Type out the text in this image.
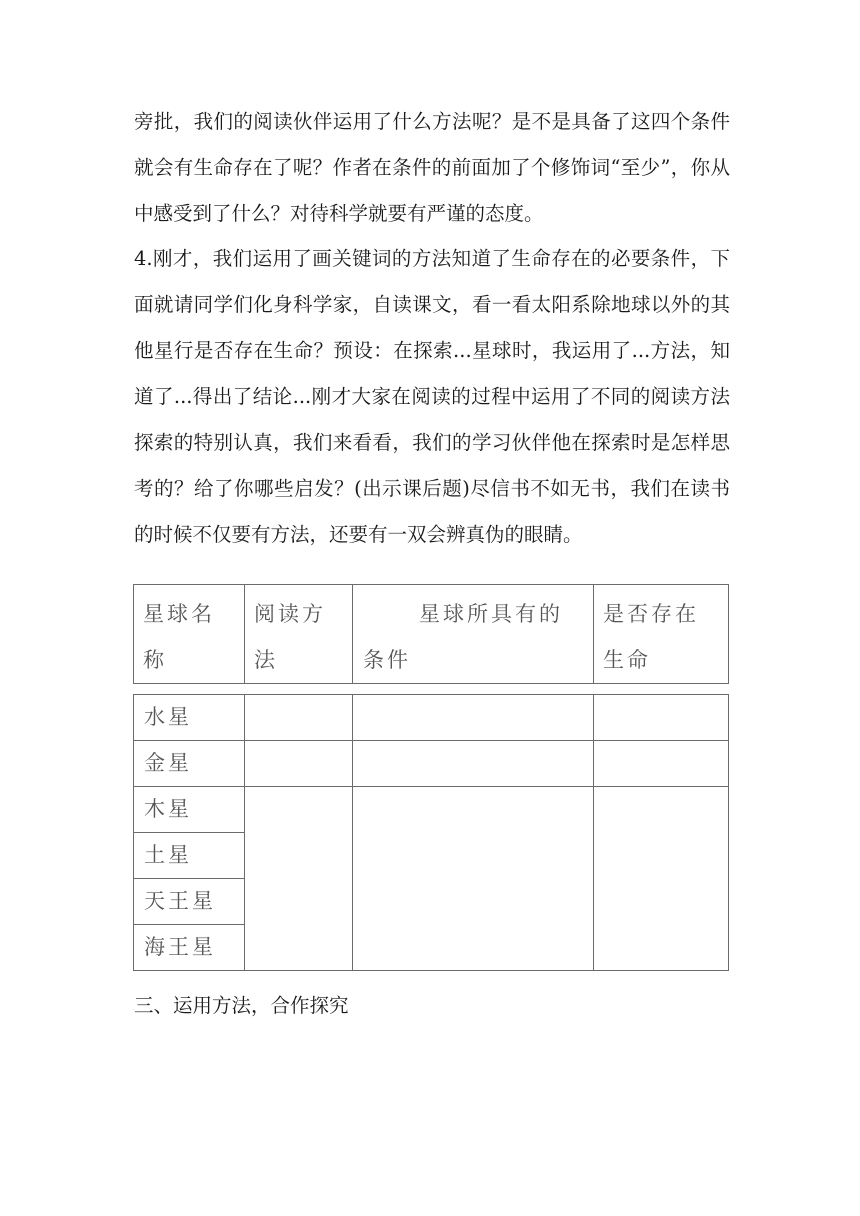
旁批，我们的阅读伙伴运用了什么方法呢？是不是具备了这四个条件就会有生命存在了呢？作者在条件的前面加了个修饰词“至少”，你从中感受到了什么？对待科学就要有严谨的态度。

4.刚才，我们运用了画关键词的方法知道了生命存在的必要条件，下面就请同学们化身科学家，自读课文，看一看太阳系除地球以外的其他星行是否存在生命？预设：在探索...星球时，我运用了...方法，知道了...得出了结论...刚才大家在阅读的过程中运用了不同的阅读方法探索的特别认真，我们来看看，我们的学习伙伴他在探索时是怎样思考的？给了你哪些启发？(出示课后题)尽信书不如无书，我们在读书的时候不仅要有方法，还要有一双会辨真伪的眼睛。

星球名称	阅读方法	星球所具有的条件	是否存在生命
水星			
金星			
木星			
土星			
天王星			
海王星			

三、运用方法，合作探究
